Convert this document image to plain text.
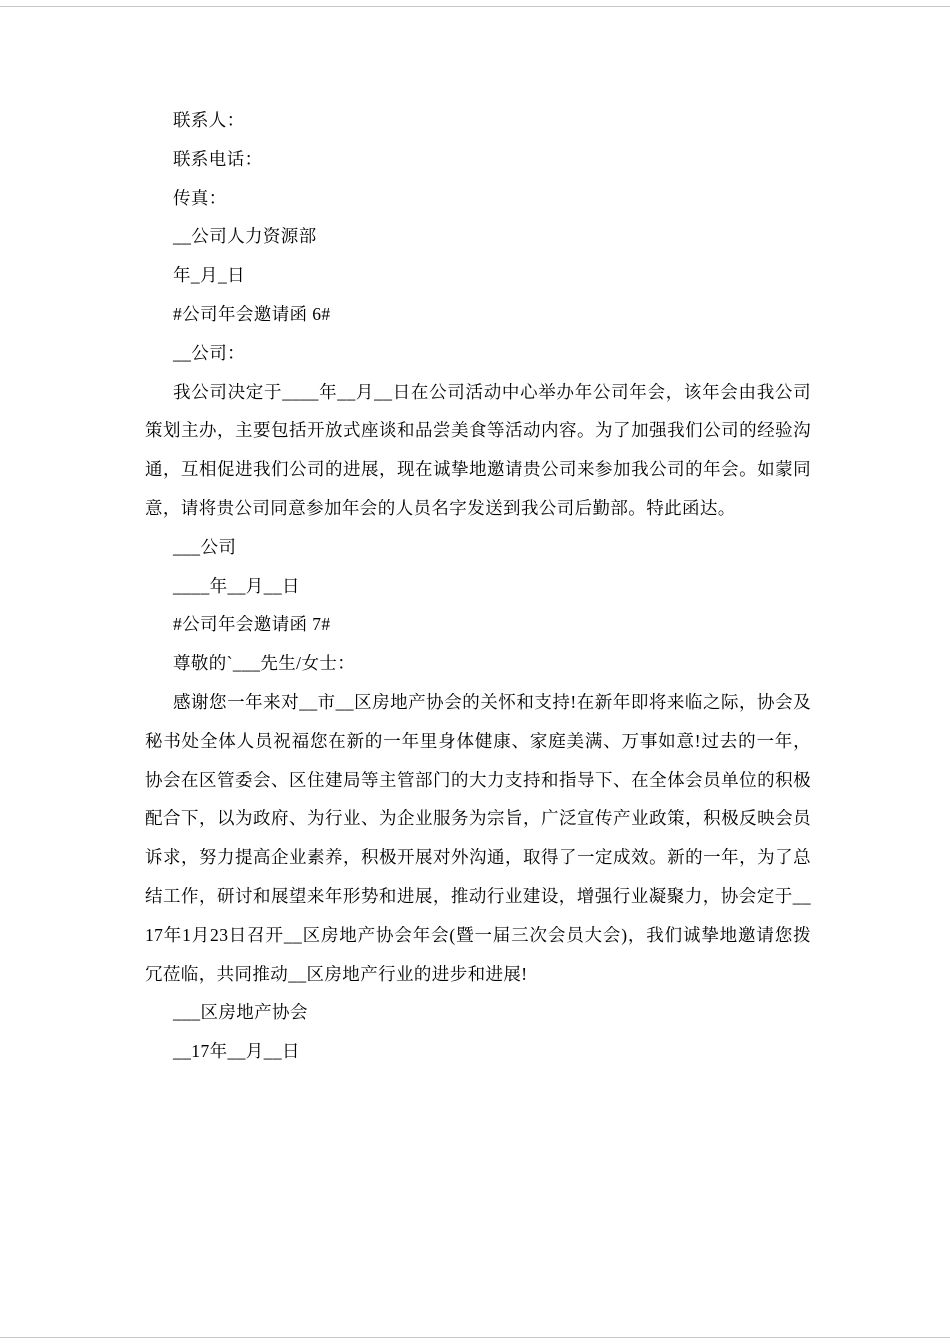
联系人：

联系电话：

传真：

__公司人力资源部

年_月_日

#公司年会邀请函 6#

__公司：

我公司决定于____年__月__日在公司活动中心举办年公司年会，该年会由我公司策划主办，主要包括开放式座谈和品尝美食等活动内容。为了加强我们公司的经验沟通，互相促进我们公司的进展，现在诚挚地邀请贵公司来参加我公司的年会。如蒙同意，请将贵公司同意参加年会的人员名字发送到我公司后勤部。特此函达。

___公司

____年__月__日

#公司年会邀请函 7#

尊敬的`___先生/女士：

感谢您一年来对__市__区房地产协会的关怀和支持!在新年即将来临之际，协会及秘书处全体人员祝福您在新的一年里身体健康、家庭美满、万事如意!过去的一年，协会在区管委会、区住建局等主管部门的大力支持和指导下、在全体会员单位的积极配合下，以为政府、为行业、为企业服务为宗旨，广泛宣传产业政策，积极反映会员诉求，努力提高企业素养，积极开展对外沟通，取得了一定成效。新的一年，为了总结工作，研讨和展望来年形势和进展，推动行业建设，增强行业凝聚力，协会定于__17年1月23日召开__区房地产协会年会(暨一届三次会员大会)，我们诚挚地邀请您拨冗莅临，共同推动__区房地产行业的进步和进展!

___区房地产协会

__17年__月__日
